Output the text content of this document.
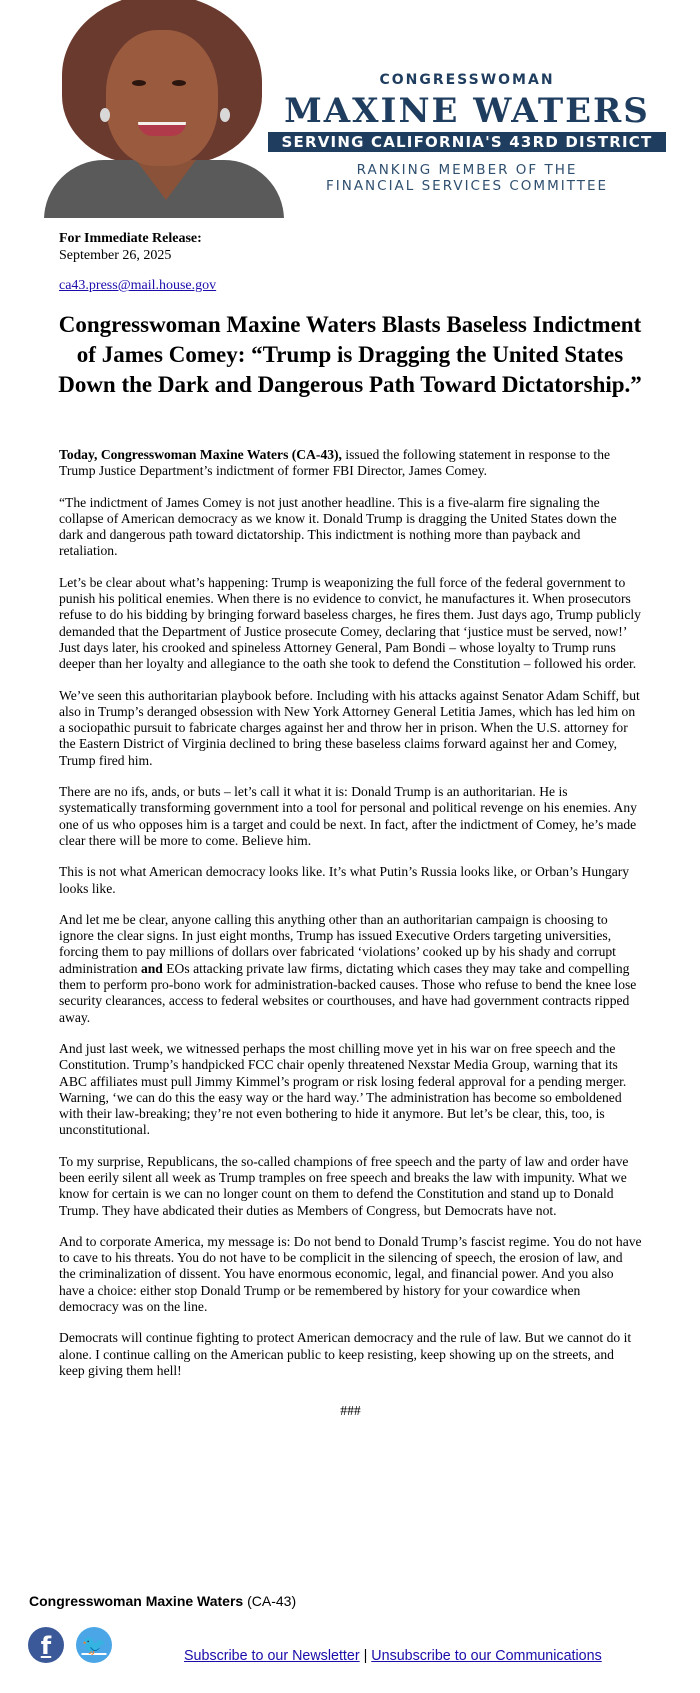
CONGRESSWOMAN
MAXINE WATERS
SERVING CALIFORNIA'S 43RD DISTRICT
RANKING MEMBER OF THE
FINANCIAL SERVICES COMMITTEE
For Immediate Release:
September 26, 2025
ca43.press@mail.house.gov
Congresswoman Maxine Waters Blasts Baseless Indictment of James Comey: “Trump is Dragging the United States Down the Dark and Dangerous Path Toward Dictatorship.”

Today, Congresswoman Maxine Waters (CA-43), issued the following statement in response to the Trump Justice Department’s indictment of former FBI Director, James Comey.

“The indictment of James Comey is not just another headline. This is a five-alarm fire signaling the collapse of American democracy as we know it. Donald Trump is dragging the United States down the dark and dangerous path toward dictatorship. This indictment is nothing more than payback and retaliation.

Let’s be clear about what’s happening: Trump is weaponizing the full force of the federal government to punish his political enemies. When there is no evidence to convict, he manufactures it. When prosecutors refuse to do his bidding by bringing forward baseless charges, he fires them. Just days ago, Trump publicly demanded that the Department of Justice prosecute Comey, declaring that ‘justice must be served, now!’ Just days later, his crooked and spineless Attorney General, Pam Bondi – whose loyalty to Trump runs deeper than her loyalty and allegiance to the oath she took to defend the Constitution – followed his order.

We’ve seen this authoritarian playbook before. Including with his attacks against Senator Adam Schiff, but also in Trump’s deranged obsession with New York Attorney General Letitia James, which has led him on a sociopathic pursuit to fabricate charges against her and throw her in prison. When the U.S. attorney for the Eastern District of Virginia declined to bring these baseless claims forward against her and Comey, Trump fired him.

There are no ifs, ands, or buts – let’s call it what it is: Donald Trump is an authoritarian. He is systematically transforming government into a tool for personal and political revenge on his enemies. Any one of us who opposes him is a target and could be next. In fact, after the indictment of Comey, he’s made clear there will be more to come. Believe him.

This is not what American democracy looks like. It’s what Putin’s Russia looks like, or Orban’s Hungary looks like.

And let me be clear, anyone calling this anything other than an authoritarian campaign is choosing to ignore the clear signs. In just eight months, Trump has issued Executive Orders targeting universities, forcing them to pay millions of dollars over fabricated ‘violations’ cooked up by his shady and corrupt administration and EOs attacking private law firms, dictating which cases they may take and compelling them to perform pro-bono work for administration-backed causes. Those who refuse to bend the knee lose security clearances, access to federal websites or courthouses, and have had government contracts ripped away.

And just last week, we witnessed perhaps the most chilling move yet in his war on free speech and the Constitution. Trump’s handpicked FCC chair openly threatened Nexstar Media Group, warning that its ABC affiliates must pull Jimmy Kimmel’s program or risk losing federal approval for a pending merger. Warning, ‘we can do this the easy way or the hard way.’ The administration has become so emboldened with their law-breaking; they’re not even bothering to hide it anymore. But let’s be clear, this, too, is unconstitutional.

To my surprise, Republicans, the so-called champions of free speech and the party of law and order have been eerily silent all week as Trump tramples on free speech and breaks the law with impunity. What we know for certain is we can no longer count on them to defend the Constitution and stand up to Donald Trump. They have abdicated their duties as Members of Congress, but Democrats have not.

And to corporate America, my message is: Do not bend to Donald Trump’s fascist regime. You do not have to cave to his threats. You do not have to be complicit in the silencing of speech, the erosion of law, and the criminalization of dissent. You have enormous economic, legal, and financial power. And you also have a choice: either stop Donald Trump or be remembered by history for your cowardice when democracy was on the line.

Democrats will continue fighting to protect American democracy and the rule of law. But we cannot do it alone. I continue calling on the American public to keep resisting, keep showing up on the streets, and keep giving them hell!

###

Congresswoman Maxine Waters (CA-43)
f	🐦	Subscribe to our Newsletter | Unsubscribe to our Communications
